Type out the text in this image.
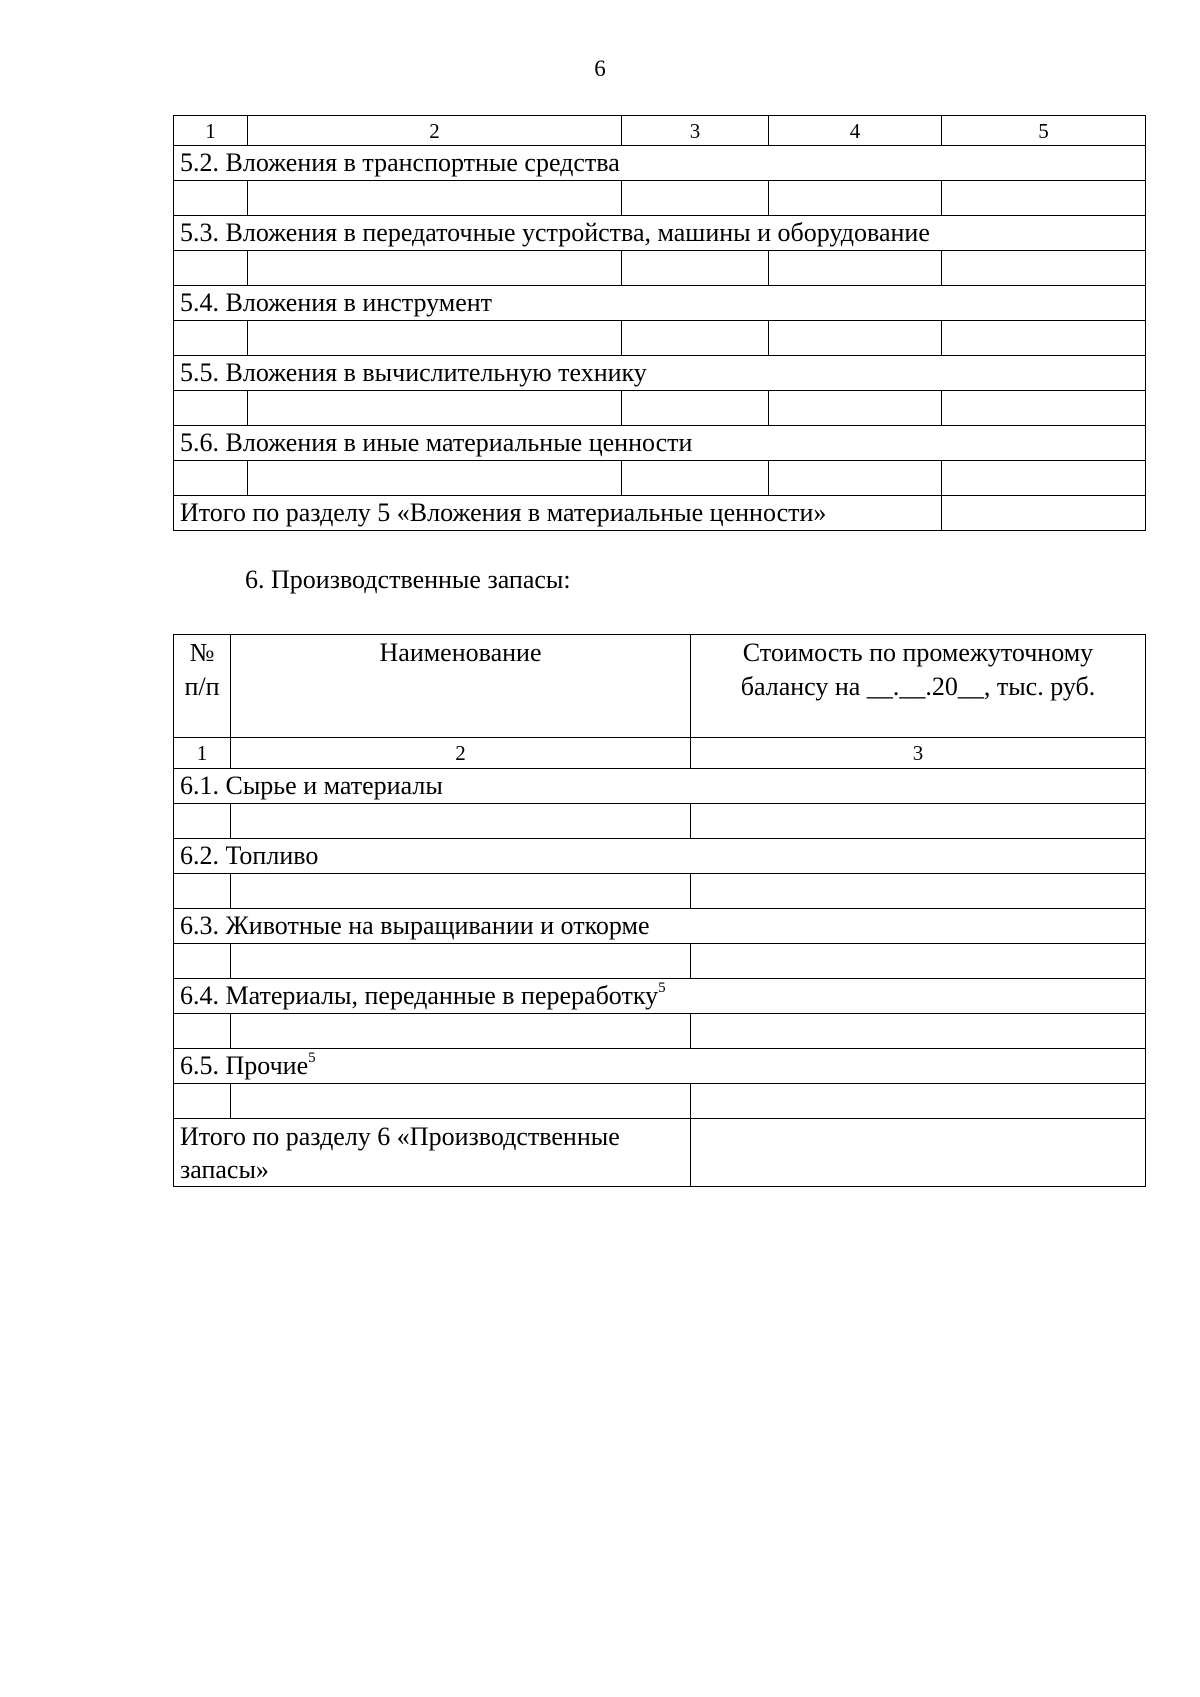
6
1	2	3	4	5
5.2. Вложения в транспортные средства				

5.3. Вложения в передаточные устройства, машины и оборудование				

5.4. Вложения в инструмент				

5.5. Вложения в вычислительную технику				

5.6. Вложения в иные материальные ценности				

Итого по разделу 5 «Вложения в материальные ценности»				
6. Производственные запасы:
№ п/п	Наименование	Стоимость по промежуточному балансу на __.__.20__, тыс. руб.
1	2	3
6.1. Сырье и материалы		

6.2. Топливо		

6.3. Животные на выращивании и откорме		

6.4. Материалы, переданные в переработку$^5$

6.5. Прочие$^5$

Итого по разделу 6 «Производственные запасы»		
